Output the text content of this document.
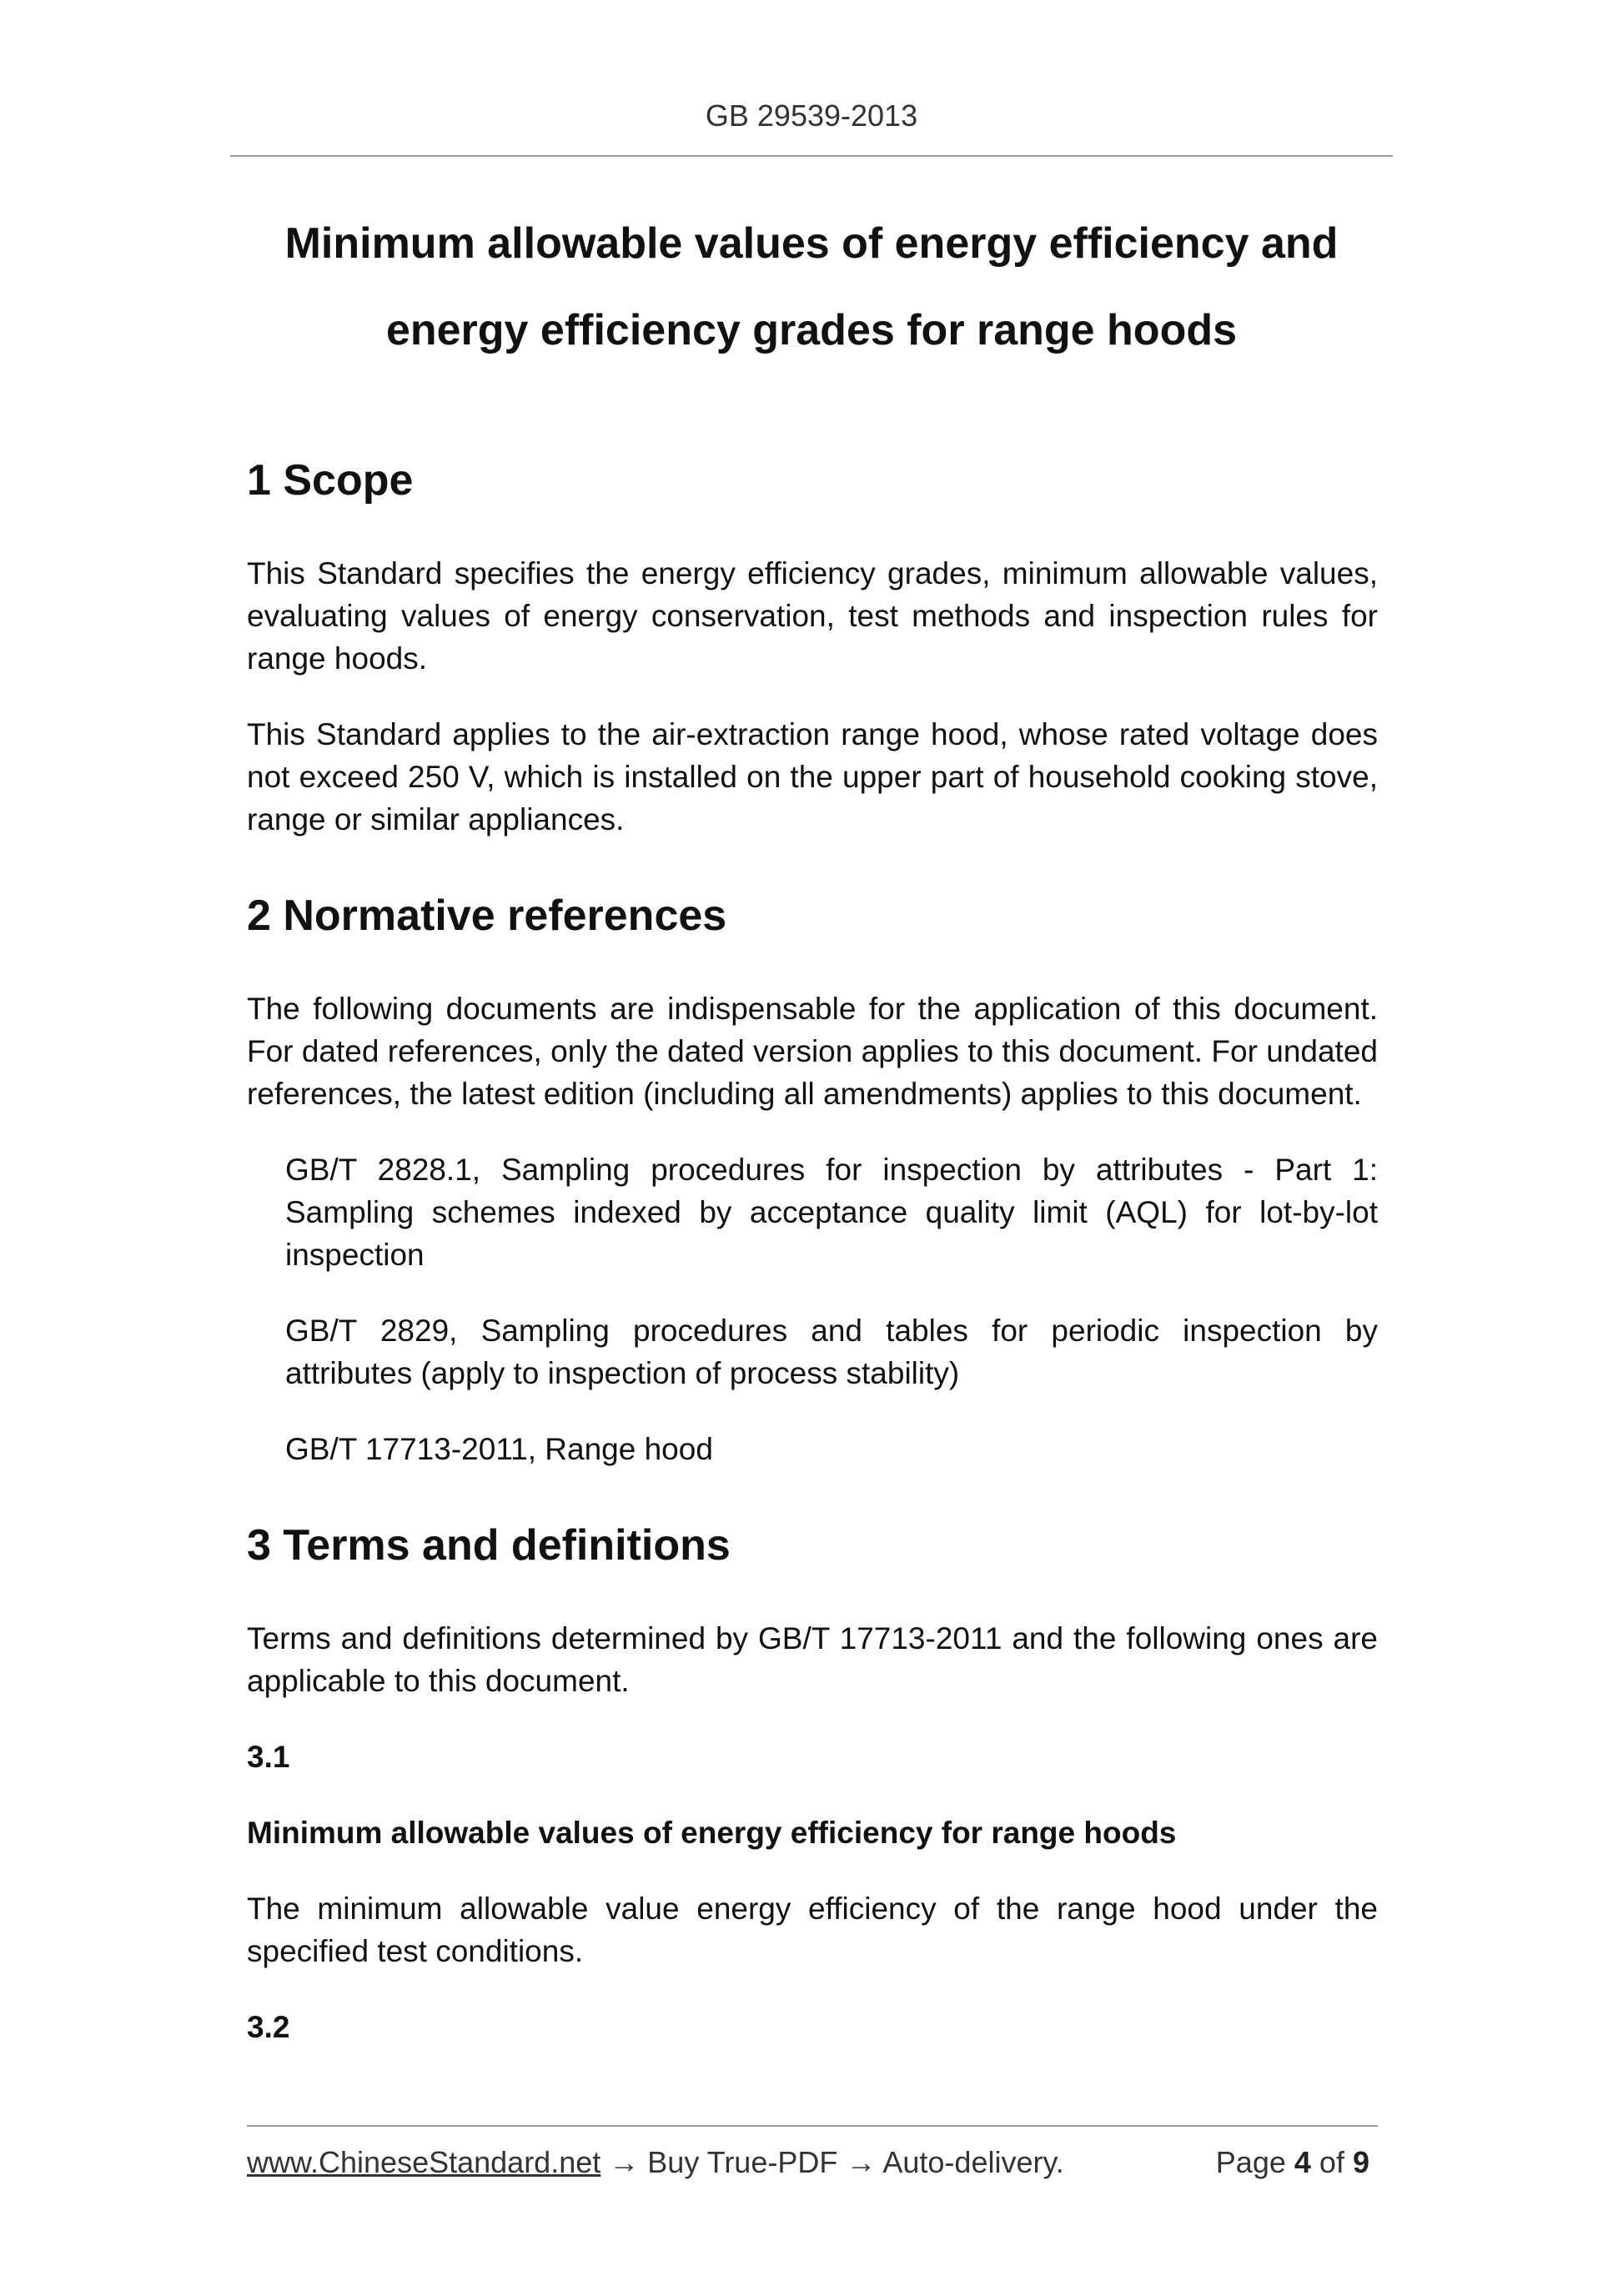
GB 29539-2013
Minimum allowable values of energy efficiency and
energy efficiency grades for range hoods
1 Scope

This Standard specifies the energy efficiency grades, minimum allowable values, evaluating values of energy conservation, test methods and inspection rules for range hoods.

This Standard applies to the air-extraction range hood, whose rated voltage does not exceed 250 V, which is installed on the upper part of household cooking stove, range or similar appliances.

2 Normative references

The following documents are indispensable for the application of this document. For dated references, only the dated version applies to this document. For undated references, the latest edition (including all amendments) applies to this document.

GB/T 2828.1, Sampling procedures for inspection by attributes - Part 1: Sampling schemes indexed by acceptance quality limit (AQL) for lot-by-lot inspection

GB/T 2829, Sampling procedures and tables for periodic inspection by attributes (apply to inspection of process stability)

GB/T 17713-2011, Range hood

3 Terms and definitions

Terms and definitions determined by GB/T 17713-2011 and the following ones are applicable to this document.

3.1

Minimum allowable values of energy efficiency for range hoods

The minimum allowable value energy efficiency of the range hood under the specified test conditions.

3.2

www.ChineseStandard.net → Buy True-PDF → Auto-delivery.	Page 4 of 9
